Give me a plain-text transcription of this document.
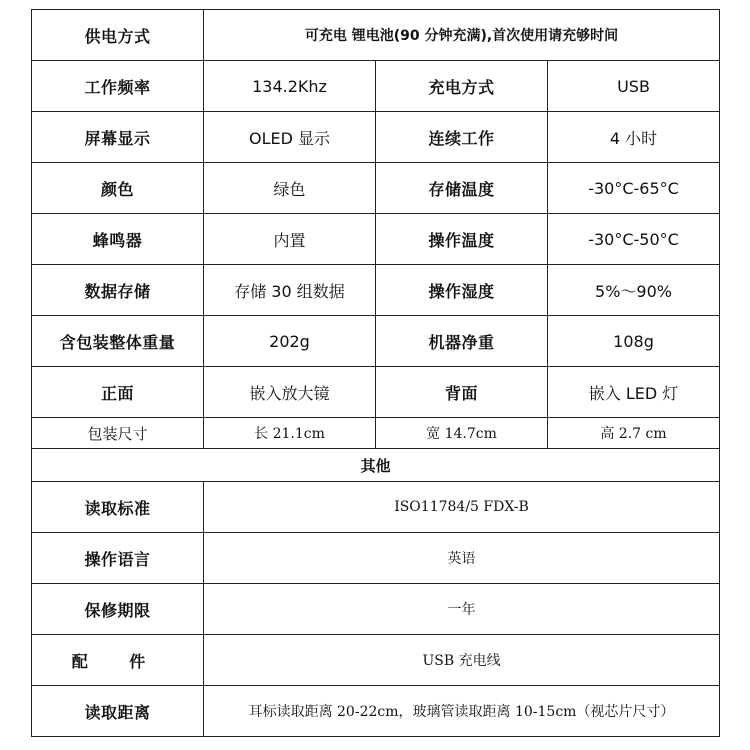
供电方式	可充电 锂电池(90 分钟充满),首次使用请充够时间		
工作频率	134.2Khz	充电方式	USB
屏幕显示	OLED 显示	连续工作	4 小时
颜色	绿色	存储温度	-30°C-65°C
蜂鸣器	内置	操作温度	-30°C-50°C
数据存储	存储 30 组数据	操作湿度	5%～90%
含包装整体重量	202g	机器净重	108g
正面	嵌入放大镜	背面	嵌入 LED 灯
包装尺寸	长 21.1cm	宽 14.7cm	高 2.7 cm
其他			
读取标准	ISO11784/5 FDX-B		
操作语言	英语		
保修期限	一年		
配 件	USB 充电线		
读取距离	耳标读取距离 20-22cm，玻璃管读取距离 10-15cm（视芯片尺寸）		
